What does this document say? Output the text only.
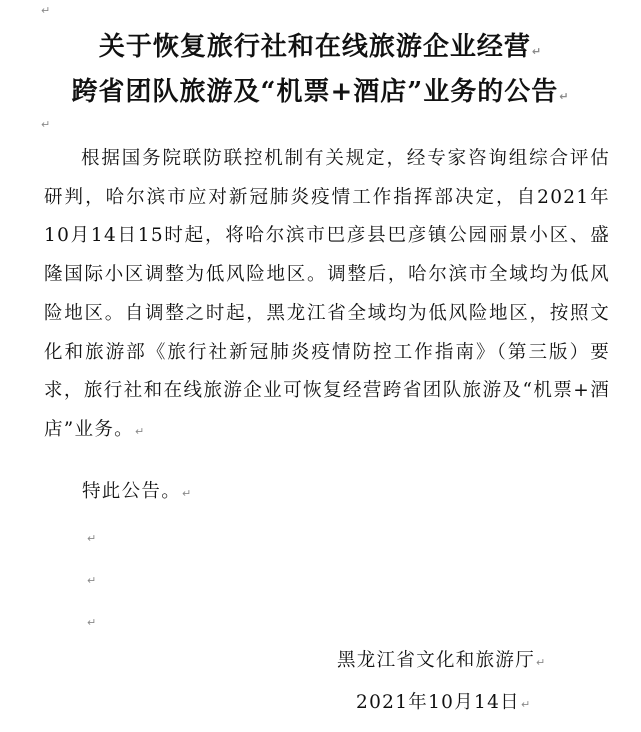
↵
关于恢复旅行社和在线旅游企业经营↵
跨省团队旅游及“机票+酒店”业务的公告↵
↵

根据国务院联防联控机制有关规定，经专家咨询组综合评估研判，哈尔滨市应对新冠肺炎疫情工作指挥部决定，自2021年10月14日15时起，将哈尔滨市巴彦县巴彦镇公园丽景小区、盛隆国际小区调整为低风险地区。调整后，哈尔滨市全域均为低风险地区。自调整之时起，黑龙江省全域均为低风险地区，按照文化和旅游部《旅行社新冠肺炎疫情防控工作指南》（第三版）要求，旅行社和在线旅游企业可恢复经营跨省团队旅游及“机票+酒店”业务。↵

特此公告。↵
↵
↵
↵
黑龙江省文化和旅游厅↵
2021年10月14日↵
